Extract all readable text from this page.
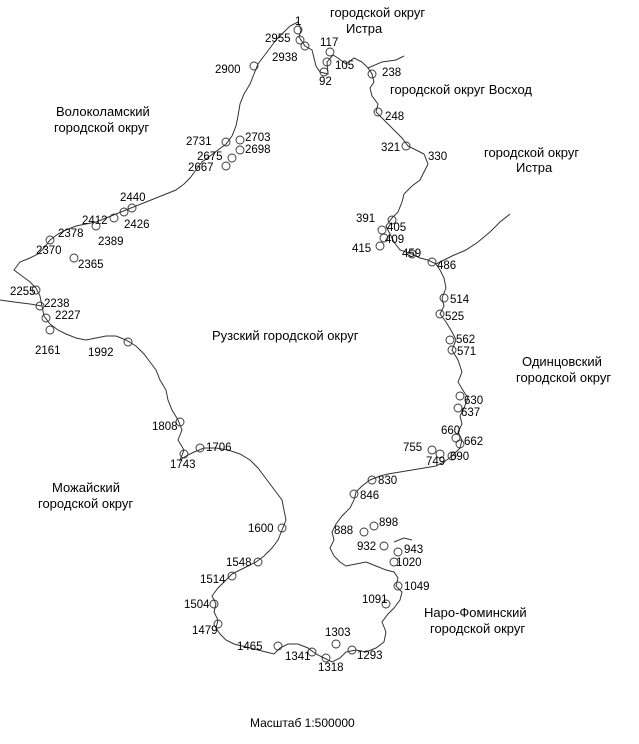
1
2955
2938
117
105
92
2900	238
248
321
330
2731	2703
2698
2675
2667
2440
2426
2412
2378
2389
2370
2365
2255
2238
2227
2161 1992
391
405
409
415	459
486
514
525
562
571
630
637
660
662
755
749 690
1808
1706
1743
830
846
898
888
932 943
1020
1600
1548
1049
1514
1091
1504
1479	1303
1465
1341	1293
1318
Рузский городской округ
городской округ
Истра
городской округ Восход
городской округ
Истра
Волоколамский
городской округ
Одинцовский
городской округ
Можайский
городской округ
Наро-Фоминский
городской округ
Масштаб 1:500000
